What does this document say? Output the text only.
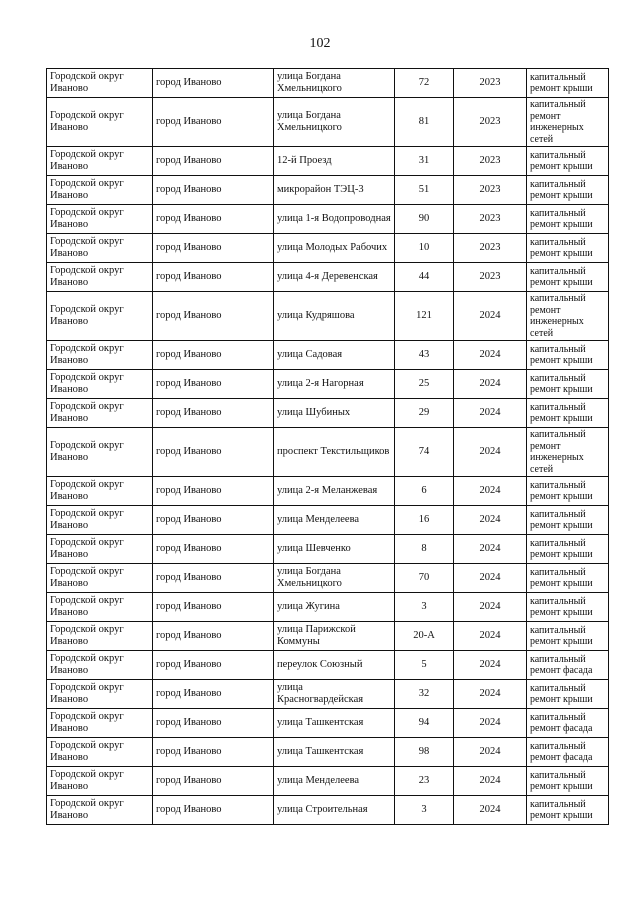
102
Городской округ Иваново	город Иваново	улица Богдана Хмельницкого	72	2023	капитальный ремонт крыши
Городской округ Иваново	город Иваново	улица Богдана Хмельницкого	81	2023	капитальный ремонт инженерных сетей
Городской округ Иваново	город Иваново	12-й Проезд	31	2023	капитальный ремонт крыши
Городской округ Иваново	город Иваново	микрорайон ТЭЦ-3	51	2023	капитальный ремонт крыши
Городской округ Иваново	город Иваново	улица 1-я Водопроводная	90	2023	капитальный ремонт крыши
Городской округ Иваново	город Иваново	улица Молодых Рабочих	10	2023	капитальный ремонт крыши
Городской округ Иваново	город Иваново	улица 4-я Деревенская	44	2023	капитальный ремонт крыши
Городской округ Иваново	город Иваново	улица Кудряшова	121	2024	капитальный ремонт инженерных сетей
Городской округ Иваново	город Иваново	улица Садовая	43	2024	капитальный ремонт крыши
Городской округ Иваново	город Иваново	улица 2-я Нагорная	25	2024	капитальный ремонт крыши
Городской округ Иваново	город Иваново	улица Шубиных	29	2024	капитальный ремонт крыши
Городской округ Иваново	город Иваново	проспект Текстильщиков	74	2024	капитальный ремонт инженерных сетей
Городской округ Иваново	город Иваново	улица 2-я Меланжевая	6	2024	капитальный ремонт крыши
Городской округ Иваново	город Иваново	улица Менделеева	16	2024	капитальный ремонт крыши
Городской округ Иваново	город Иваново	улица Шевченко	8	2024	капитальный ремонт крыши
Городской округ Иваново	город Иваново	улица Богдана Хмельницкого	70	2024	капитальный ремонт крыши
Городской округ Иваново	город Иваново	улица Жугина	3	2024	капитальный ремонт крыши
Городской округ Иваново	город Иваново	улица Парижской Коммуны	20-А	2024	капитальный ремонт крыши
Городской округ Иваново	город Иваново	переулок Союзный	5	2024	капитальный ремонт фасада
Городской округ Иваново	город Иваново	улица Красногвардейская	32	2024	капитальный ремонт крыши
Городской округ Иваново	город Иваново	улица Ташкентская	94	2024	капитальный ремонт фасада
Городской округ Иваново	город Иваново	улица Ташкентская	98	2024	капитальный ремонт фасада
Городской округ Иваново	город Иваново	улица Менделеева	23	2024	капитальный ремонт крыши
Городской округ Иваново	город Иваново	улица Строительная	3	2024	капитальный ремонт крыши
